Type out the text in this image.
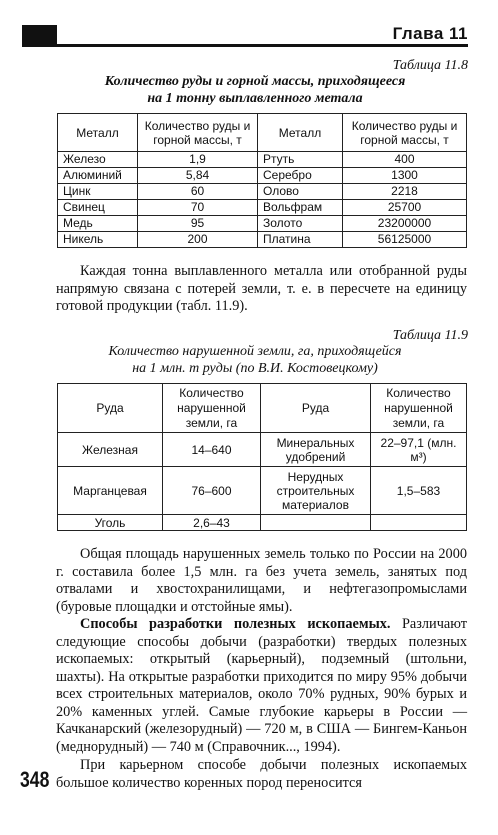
Глава 11
Таблица 11.8
Количество руды и горной массы, приходящееся
на 1 тонну выплавленного метала
Металл	Количество руды и горной массы, т	Металл	Количество руды и горной массы, т
Железо	1,9	Ртуть	400
Алюминий	5,84	Серебро	1300
Цинк	60	Олово	2218
Свинец	70	Вольфрам	25700
Медь	95	Золото	23200000
Никель	200	Платина	56125000
Каждая тонна выплавленного металла или отобранной руды напрямую связана с потерей земли, т. е. в пересчете на единицу готовой продукции (табл. 11.9).
Таблица 11.9
Количество нарушенной земли, га, приходящейся
на 1 млн. т руды (по В.И. Костовецкому)
Руда	Количество нарушенной земли, га	Руда	Количество нарушенной земли, га
Железная	14–640	Минеральных удобрений	22–97,1 (млн. м³)
Марганцевая	76–600	Нерудных строительных материалов	1,5–583
Уголь	2,6–43		
Общая площадь нарушенных земель только по России на 2000 г. составила более 1,5 млн. га без учета земель, занятых под отвалами и хвостохранилищами, и нефтегазопромыслами (буровые площадки и отстойные ямы).
Способы разработки полезных ископаемых. Различают следующие способы добычи (разработки) твердых полезных ископаемых: открытый (карьерный), подземный (штольни, шахты). На открытые разработки приходится по миру 95% добычи всех строительных материалов, около 70% рудных, 90% бурых и 20% каменных углей. Самые глубокие карьеры в России — Качканарский (железорудный) — 720 м, в США — Бингем-Каньон (меднорудный) — 740 м (Справочник..., 1994).
При карьерном способе добычи полезных ископаемых большое количество коренных пород переносится
348
